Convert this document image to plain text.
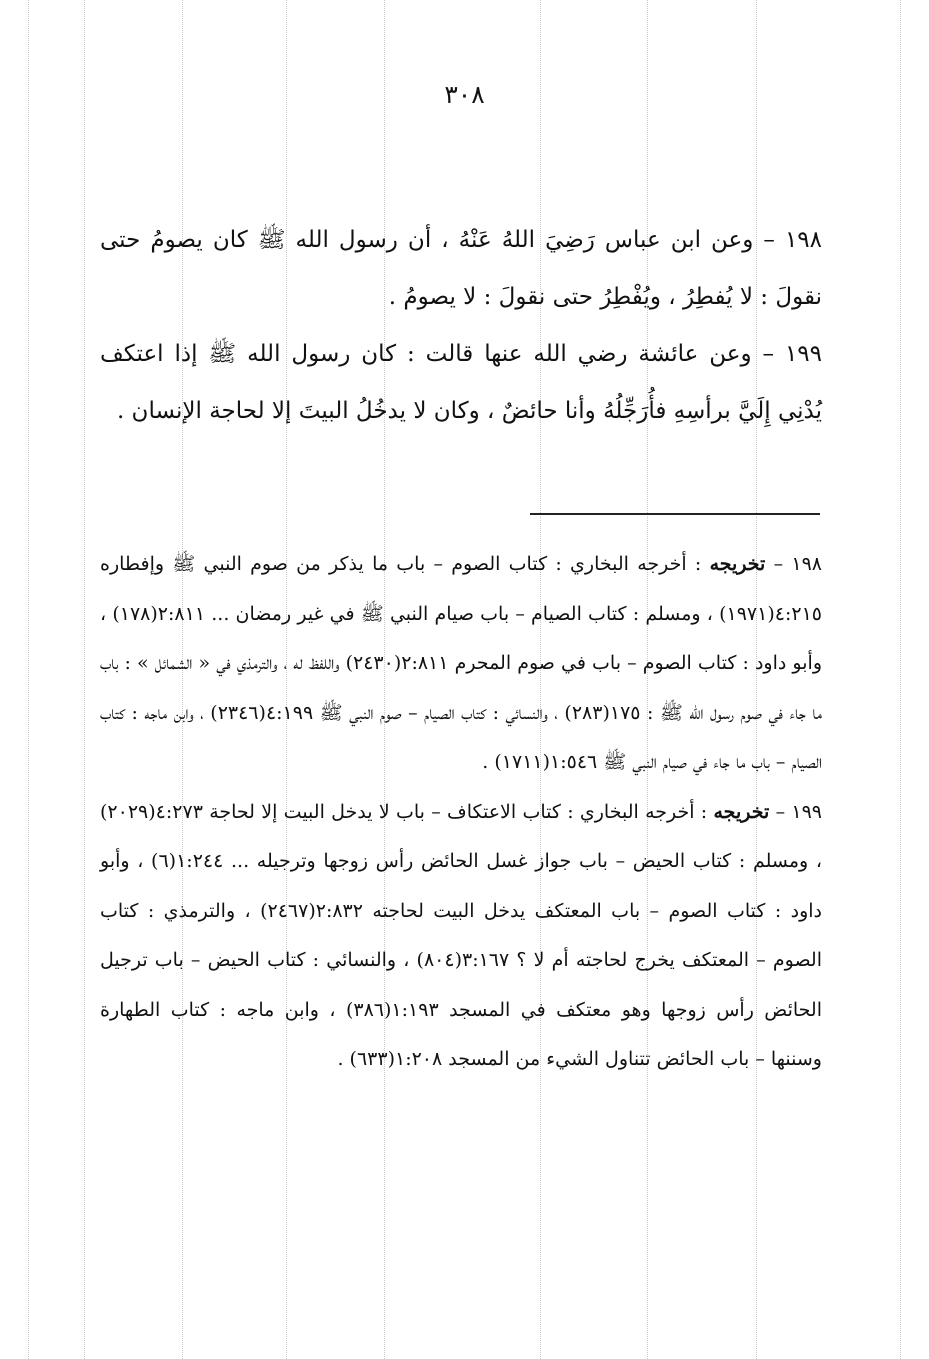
٣٠٨

١٩٨ – وعن ابن عباس رَضِيَ اللهُ عَنْهُ ، أن رسول الله ﷺ كان يصومُ حتى نقولَ : لا يُفطِرُ ، ويُفْطِرُ حتى نقولَ : لا يصومُ .

١٩٩ – وعن عائشة رضي الله عنها قالت : كان رسول الله ﷺ إذا اعتكف يُدْنِي إِلَيَّ برأسِهِ فأُرَجِّلُهُ وأنا حائضٌ ، وكان لا يدخُلُ البيتَ إلا لحاجة الإنسان .

١٩٨ – تخريجه : أخرجه البخاري : كتاب الصوم – باب ما يذكر من صوم النبي ﷺ وإفطاره ٤:٢١٥(١٩٧١) ، ومسلم : كتاب الصيام – باب صيام النبي ﷺ في غير رمضان ... ٢:٨١١(١٧٨) ، وأبو داود : كتاب الصوم – باب في صوم المحرم ٢:٨١١(٢٤٣٠) واللفظ له ، والترمذي في « الشمائل » : باب ما جاء في صوم رسول الله ﷺ : ١٧٥(٢٨٣) ، والنسائي : كتاب الصيام – صوم النبي ﷺ ٤:١٩٩(٢٣٤٦) ، وابن ماجه : كتاب الصيام – باب ما جاء في صيام النبي ﷺ ١:٥٤٦(١٧١١) .

١٩٩ – تخريجه : أخرجه البخاري : كتاب الاعتكاف – باب لا يدخل البيت إلا لحاجة ٤:٢٧٣(٢٠٢٩) ، ومسلم : كتاب الحيض – باب جواز غسل الحائض رأس زوجها وترجيله ... ١:٢٤٤(٦) ، وأبو داود : كتاب الصوم – باب المعتكف يدخل البيت لحاجته ٢:٨٣٢(٢٤٦٧) ، والترمذي : كتاب الصوم – المعتكف يخرج لحاجته أم لا ؟ ٣:١٦٧(٨٠٤) ، والنسائي : كتاب الحيض – باب ترجيل الحائض رأس زوجها وهو معتكف في المسجد ١:١٩٣(٣٨٦) ، وابن ماجه : كتاب الطهارة وسننها – باب الحائض تتناول الشيء من المسجد ١:٢٠٨(٦٣٣) .
